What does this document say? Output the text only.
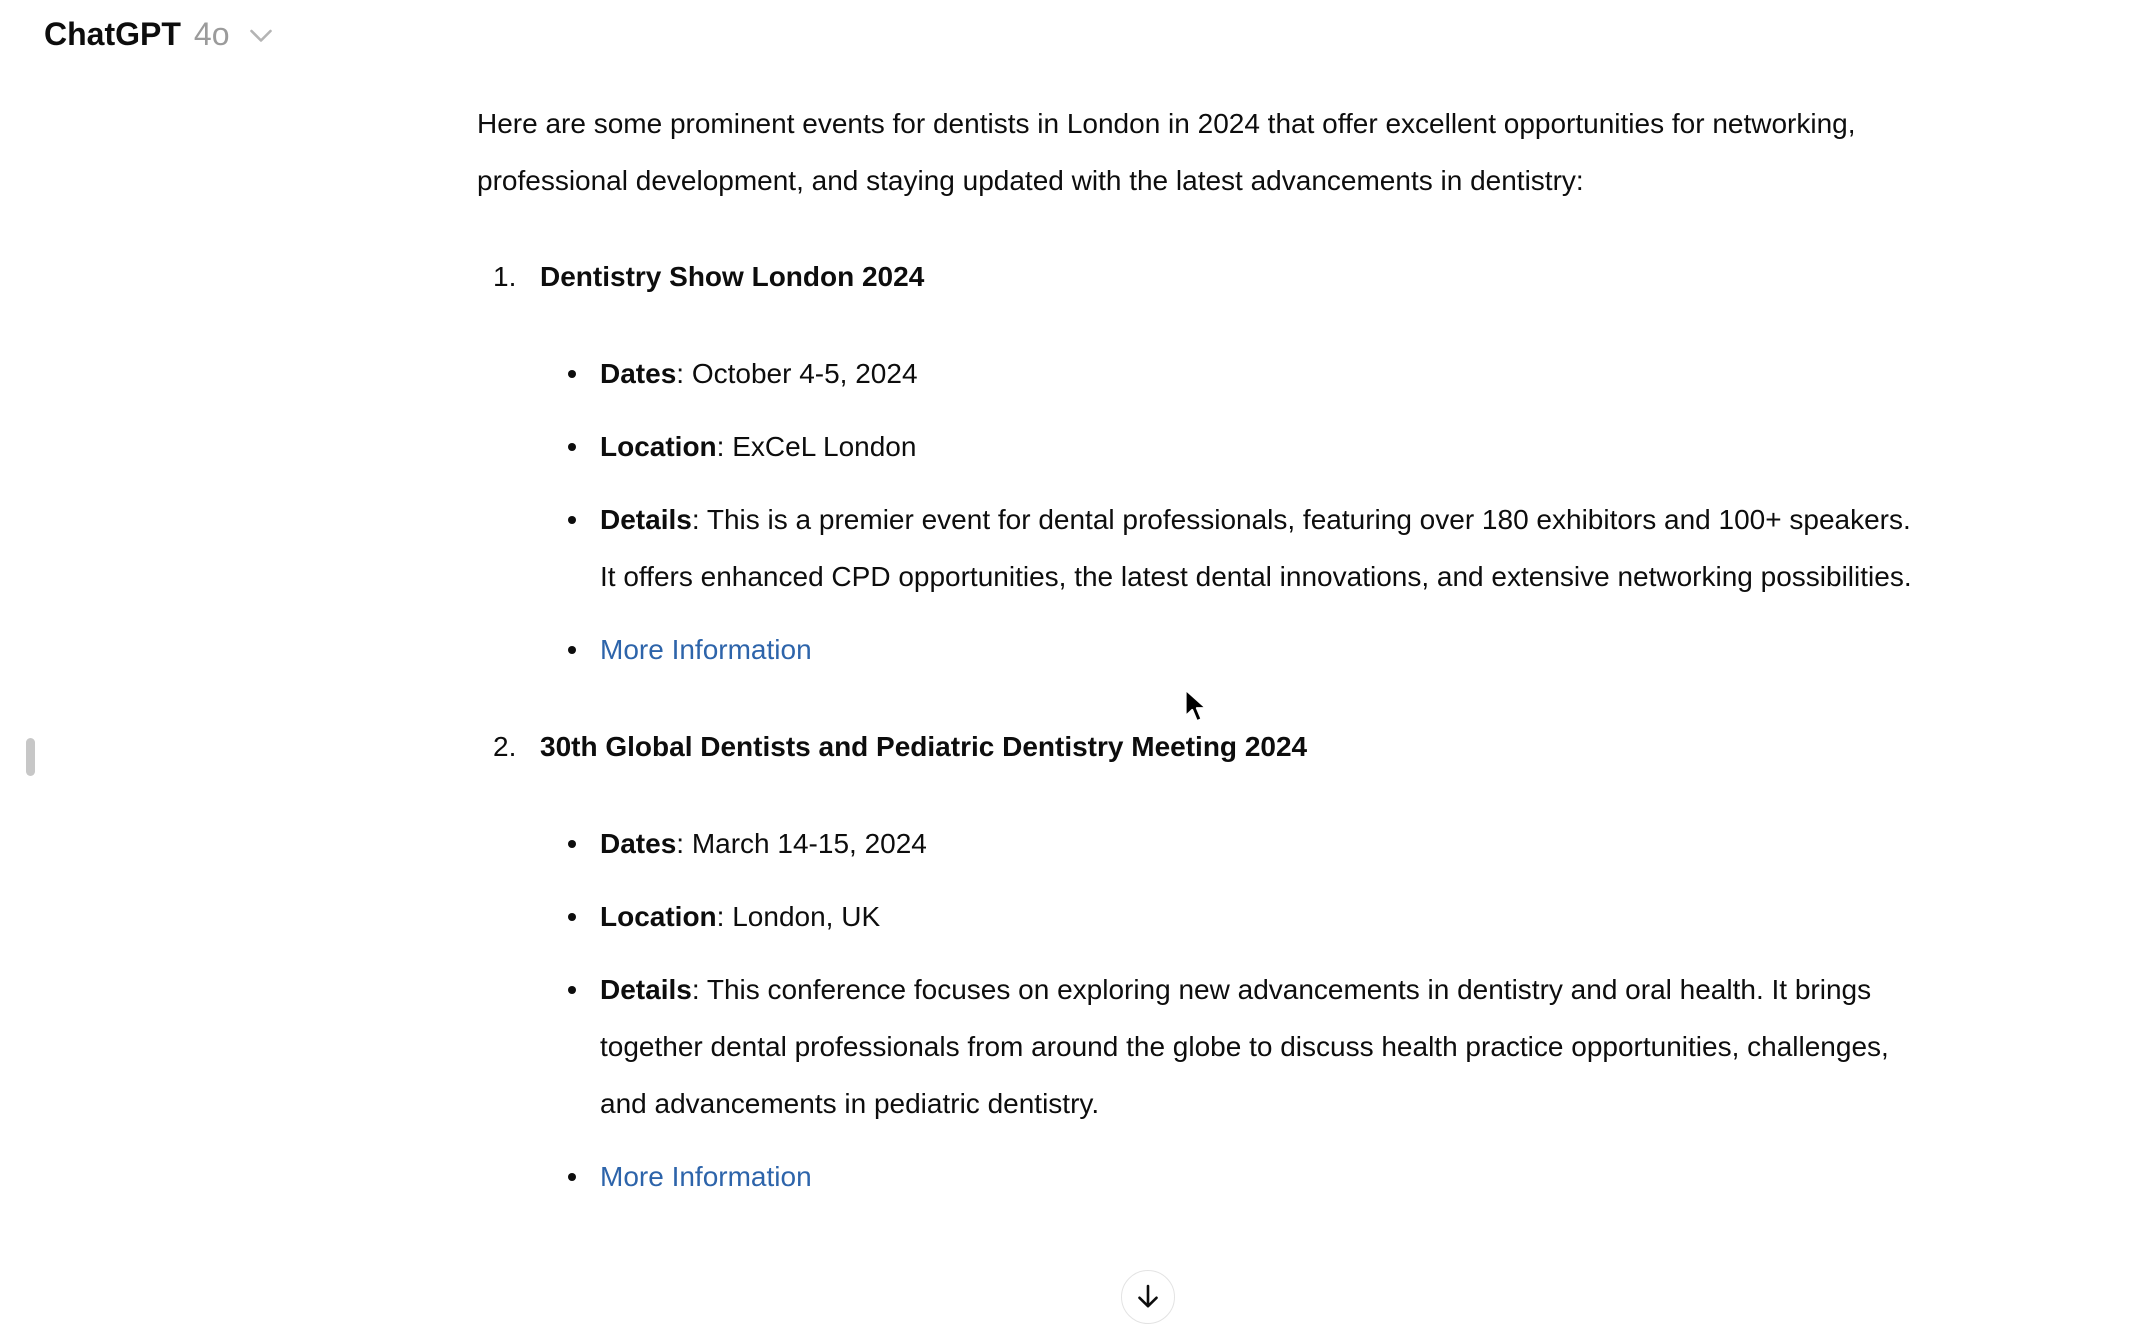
ChatGPT 4o

Here are some prominent events for dentists in London in 2024 that offer excellent opportunities for networking, professional development, and staying updated with the latest advancements in dentistry:

1. Dentistry Show London 2024

Dates: October 4-5, 2024

Location: ExCeL London

Details: This is a premier event for dental professionals, featuring over 180 exhibitors and 100+ speakers. It offers enhanced CPD opportunities, the latest dental innovations, and extensive networking possibilities.

More Information

2. 30th Global Dentists and Pediatric Dentistry Meeting 2024

Dates: March 14-15, 2024

Location: London, UK

Details: This conference focuses on exploring new advancements in dentistry and oral health. It brings together dental professionals from around the globe to discuss health practice opportunities, challenges, and advancements in pediatric dentistry.

More Information
